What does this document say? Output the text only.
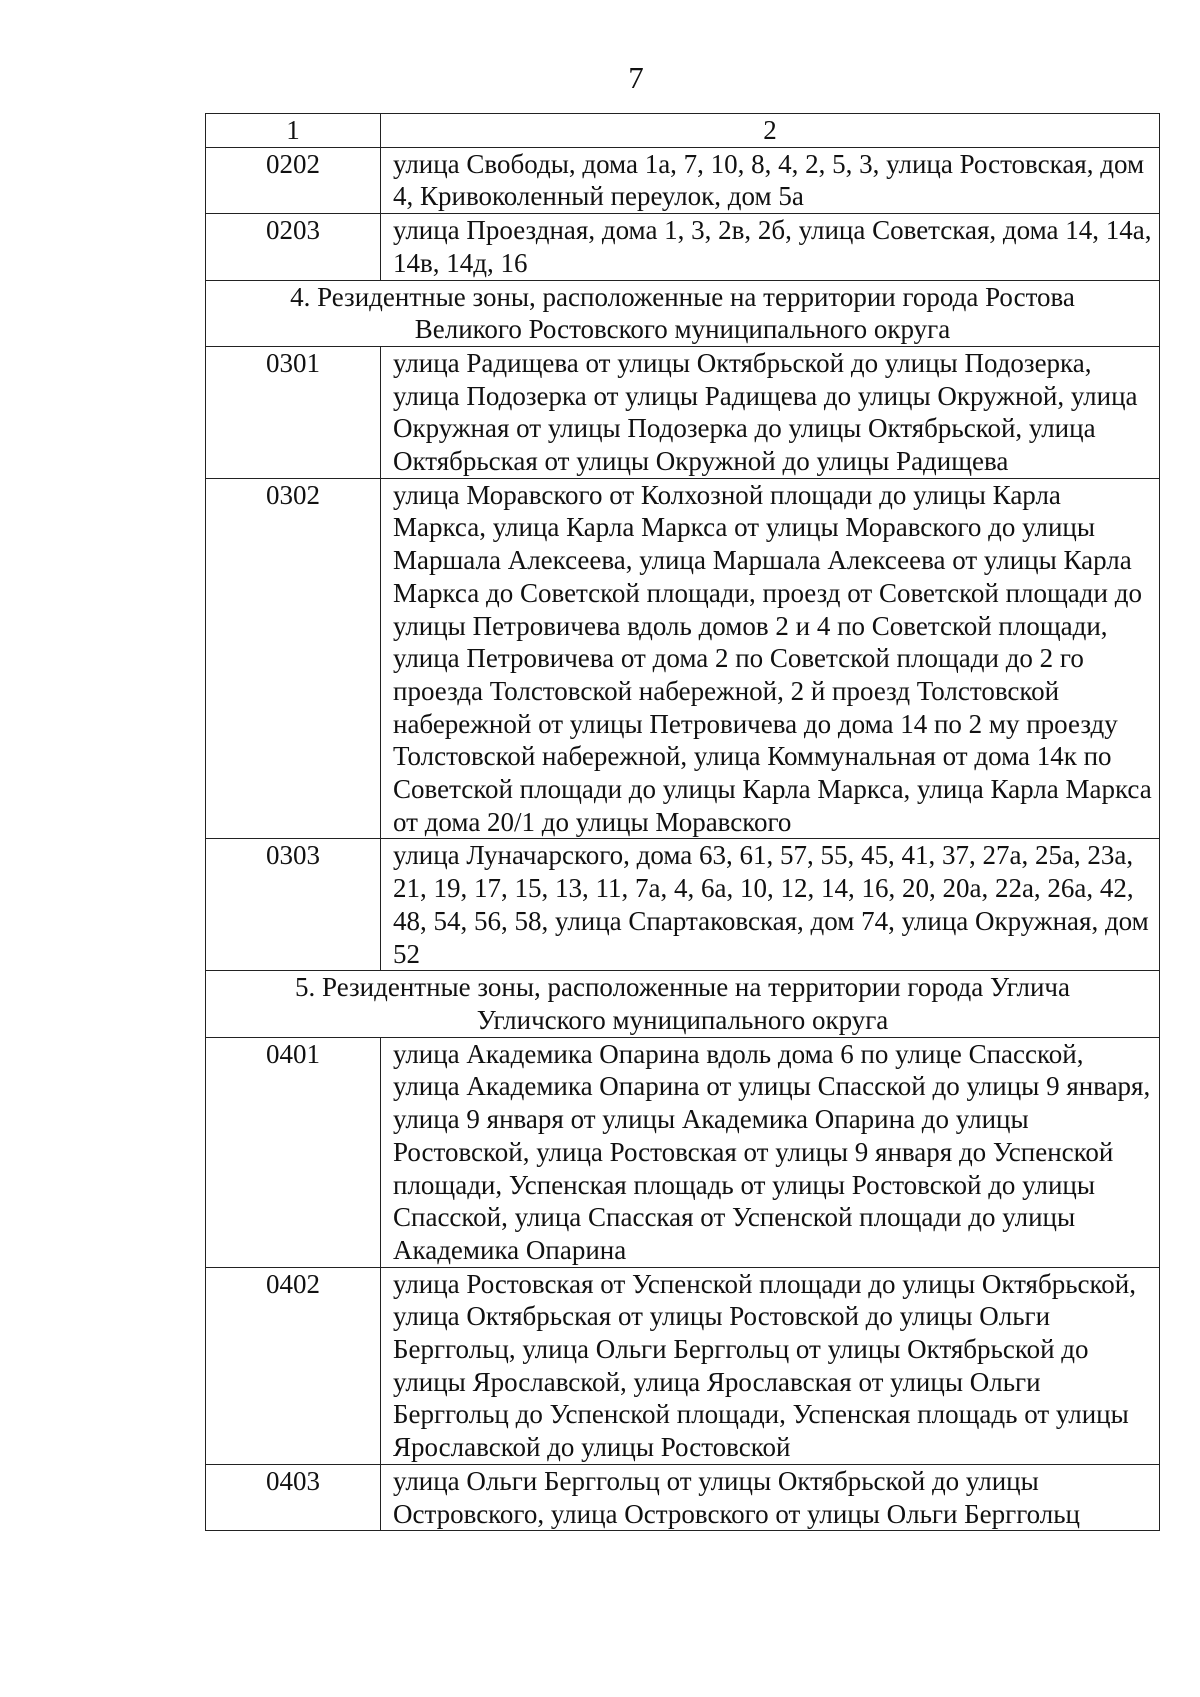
7
1	2
0202	улица Свободы, дома 1а, 7, 10, 8, 4, 2, 5, 3, улица Ростовская, дом 4, Кривоколенный переулок, дом 5а
0203	улица Проездная, дома 1, 3, 2в, 2б, улица Советская, дома 14, 14а, 14в, 14д, 16
4. Резидентные зоны, расположенные на территории города Ростова Великого Ростовского муниципального округа	
0301	улица Радищева от улицы Октябрьской до улицы Подозерка, улица Подозерка от улицы Радищева до улицы Окружной, улица Окружная от улицы Подозерка до улицы Октябрьской, улица Октябрьская от улицы Окружной до улицы Радищева
0302	улица Моравского от Колхозной площади до улицы Карла Маркса, улица Карла Маркса от улицы Моравского до улицы Маршала Алексеева, улица Маршала Алексеева от улицы Карла Маркса до Советской площади, проезд от Советской площади до улицы Петровичева вдоль домов 2 и 4 по Советской площади, улица Петровичева от дома 2 по Советской площади до 2 го проезда Толстовской набережной, 2 й проезд Толстовской набережной от улицы Петровичева до дома 14 по 2 му проезду Толстовской набережной, улица Коммунальная от дома 14к по Советской площади до улицы Карла Маркса, улица Карла Маркса от дома 20/1 до улицы Моравского
0303	улица Луначарского, дома 63, 61, 57, 55, 45, 41, 37, 27а, 25а, 23а, 21, 19, 17, 15, 13, 11, 7а, 4, 6а, 10, 12, 14, 16, 20, 20а, 22а, 26а, 42, 48, 54, 56, 58, улица Спартаковская, дом 74, улица Окружная, дом 52
5. Резидентные зоны, расположенные на территории города Углича Угличского муниципального округа	
0401	улица Академика Опарина вдоль дома 6 по улице Спасской, улица Академика Опарина от улицы Спасской до улицы 9 января, улица 9 января от улицы Академика Опарина до улицы Ростовской, улица Ростовская от улицы 9 января до Успенской площади, Успенская площадь от улицы Ростовской до улицы Спасской, улица Спасская от Успенской площади до улицы Академика Опарина
0402	улица Ростовская от Успенской площади до улицы Октябрьской, улица Октябрьская от улицы Ростовской до улицы Ольги Берггольц, улица Ольги Берггольц от улицы Октябрьской до улицы Ярославской, улица Ярославская от улицы Ольги Берггольц до Успенской площади, Успенская площадь от улицы Ярославской до улицы Ростовской
0403	улица Ольги Берггольц от улицы Октябрьской до улицы Островского, улица Островского от улицы Ольги Берггольц
